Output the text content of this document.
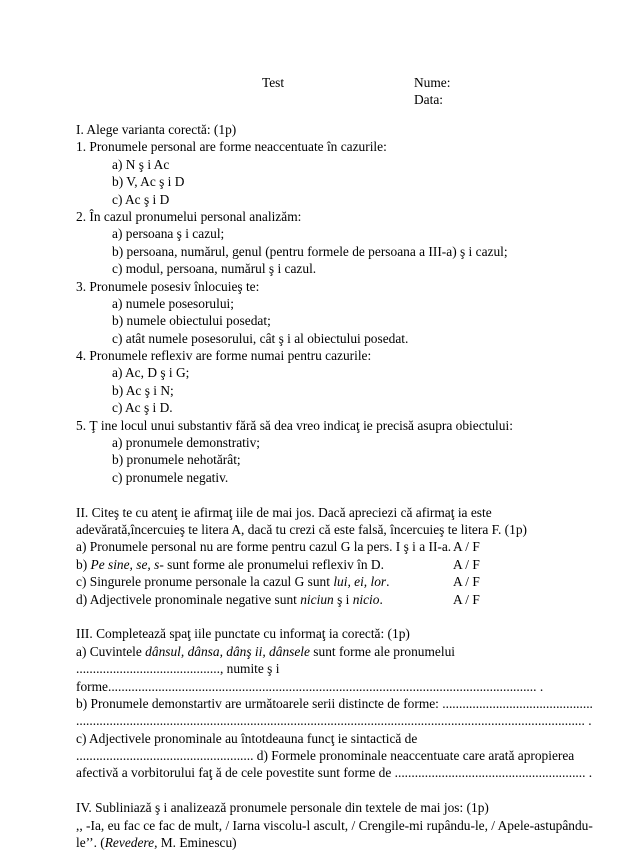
Test	Nume:
Data:
I. Alege varianta corectă: (1p)
1. Pronumele personal are forme neaccentuate în cazurile:
a) N ş i Ac
b) V, Ac ş i D
c) Ac ş i D
2. În cazul pronumelui personal analizăm:
a) persoana ş i cazul;
b) persoana, numărul, genul (pentru formele de persoana a III-a) ş i cazul;
c) modul, persoana, numărul ş i cazul.
3. Pronumele posesiv înlocuieş te:
a) numele posesorului;
b) numele obiectului posedat;
c) atât numele posesorului, cât ş i al obiectului posedat.
4. Pronumele reflexiv are forme numai pentru cazurile:
a) Ac, D ş i G;
b) Ac ş i N;
c) Ac ş i D.
5. Ţ ine locul unui substantiv fără să dea vreo indicaţ ie precisă asupra obiectului:
a) pronumele demonstrativ;
b) pronumele nehotărât;
c) pronumele negativ.
II. Citeş te cu atenţ ie afirmaţ iile de mai jos. Dacă apreciezi că afirmaţ ia este
adevărată,încercuieş te litera A, dacă tu crezi că este falsă, încercuieş te litera F. (1p)
a) Pronumele personal nu are forme pentru cazul G la pers. I ş i a II-a. A / F
b) Pe sine, se, s- sunt forme ale pronumelui reflexiv în D.	A / F
c) Singurele pronume personale la cazul G sunt lui, ei, lor.	A / F
d) Adjectivele pronominale negative sunt niciun ş i nicio.	A / F
III. Completează spaţ iile punctate cu informaţ ia corectă: (1p)
a) Cuvintele dânsul, dânsa, dânş ii, dânsele sunt forme ale pronumelui
..........................................., numite ş i
forme................................................................................................................................ .
b) Pronumele demonstartiv are următoarele serii distincte de forme: .............................................
........................................................................................................................................................ .
c) Adjectivele pronominale au întotdeauna funcţ ie sintactică de
..................................................... d) Formele pronominale neaccentuate care arată apropierea
afectivă a vorbitorului faţ ă de cele povestite sunt forme de ......................................................... .
IV. Subliniază ş i analizează pronumele personale din textele de mai jos: (1p)
,, -Ia, eu fac ce fac de mult, / Iarna viscolu-l ascult, / Crengile-mi rupându-le, / Apele-astupându-
le’’. (Revedere, M. Eminescu)
